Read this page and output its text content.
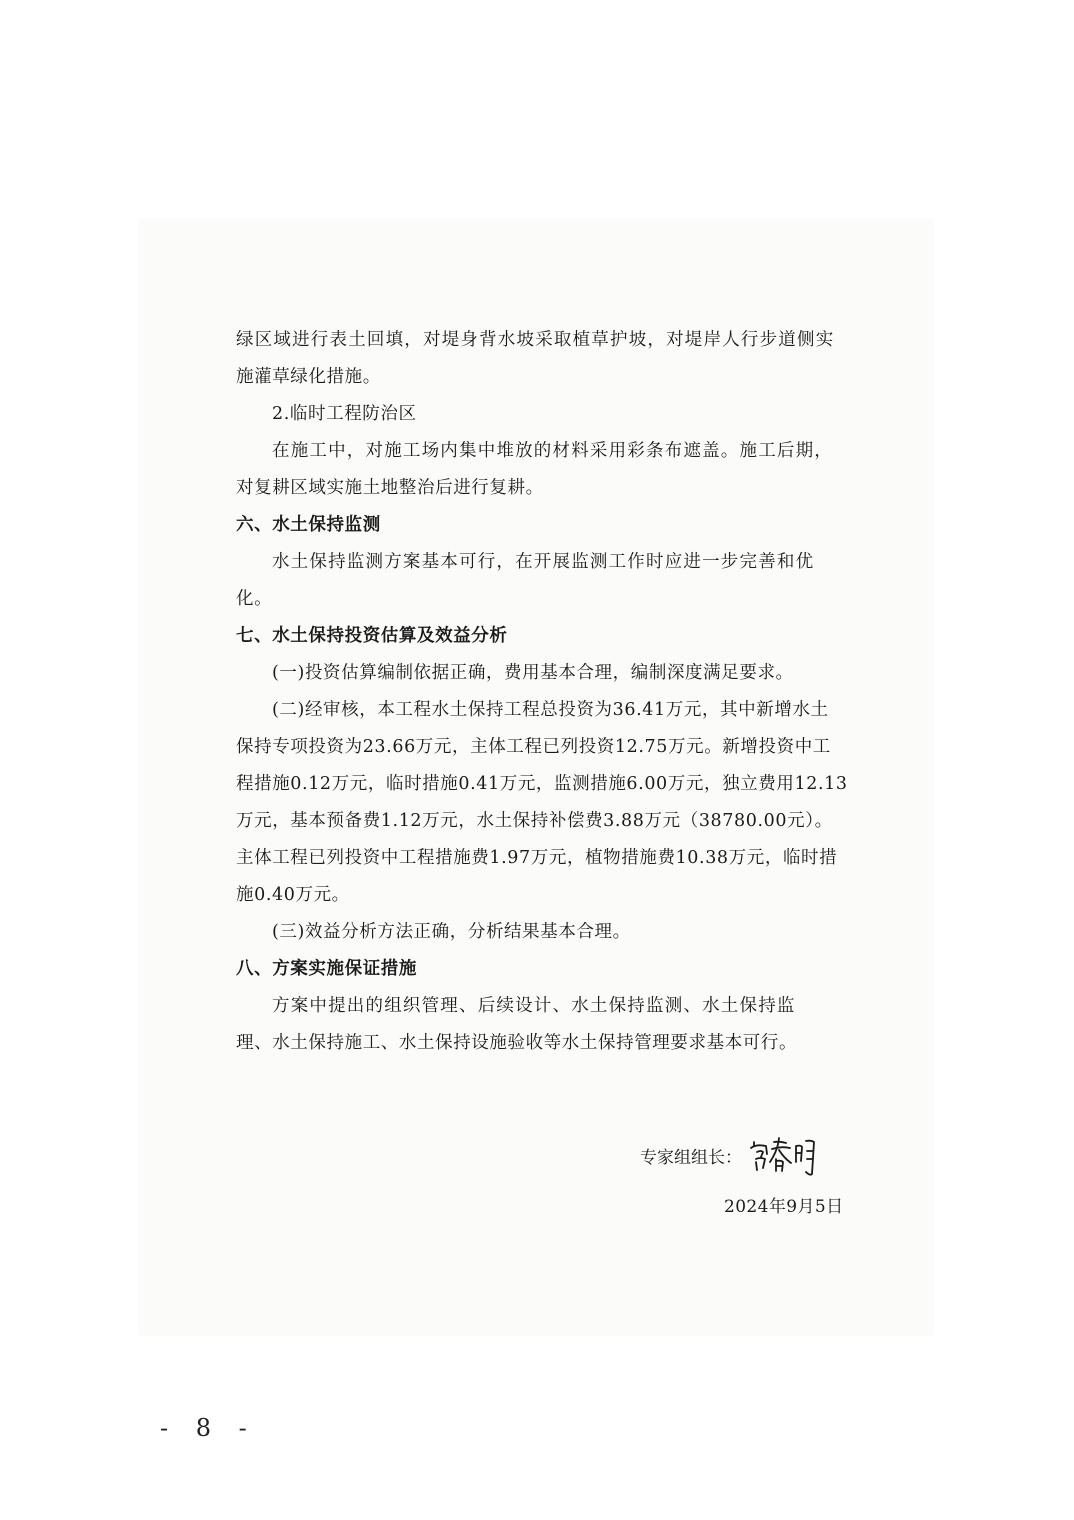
绿区域进行表土回填，对堤身背水坡采取植草护坡，对堤岸人行步道侧实
施灌草绿化措施。
2.临时工程防治区
在施工中，对施工场内集中堆放的材料采用彩条布遮盖。施工后期，
对复耕区域实施土地整治后进行复耕。
六、水土保持监测
水土保持监测方案基本可行，在开展监测工作时应进一步完善和优
化。
七、水土保持投资估算及效益分析
(一)投资估算编制依据正确，费用基本合理，编制深度满足要求。
(二)经审核，本工程水土保持工程总投资为36.41万元，其中新增水土
保持专项投资为23.66万元，主体工程已列投资12.75万元。新增投资中工
程措施0.12万元，临时措施0.41万元，监测措施6.00万元，独立费用12.13
万元，基本预备费1.12万元，水土保持补偿费3.88万元（38780.00元）。
主体工程已列投资中工程措施费1.97万元，植物措施费10.38万元，临时措
施0.40万元。
(三)效益分析方法正确，分析结果基本合理。
八、方案实施保证措施
方案中提出的组织管理、后续设计、水土保持监测、水土保持监
理、水土保持施工、水土保持设施验收等水土保持管理要求基本可行。
专家组组长：
2024年9月5日
- 8 -
